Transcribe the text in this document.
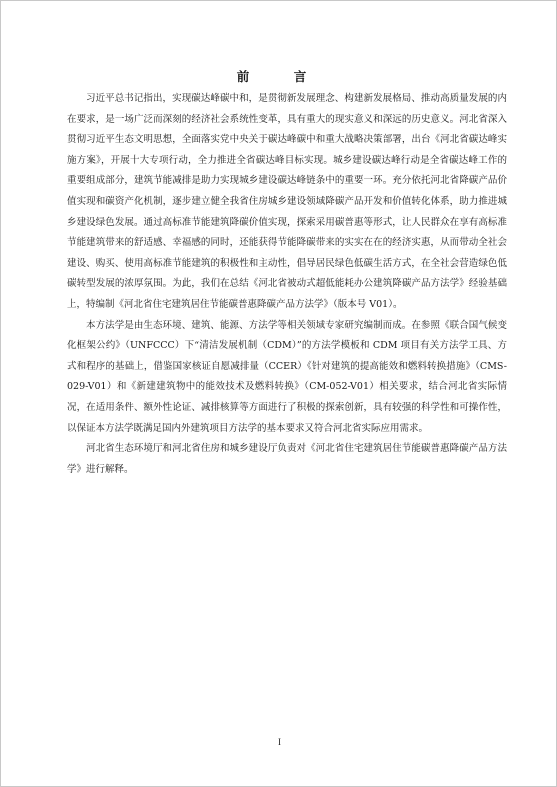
前　言

习近平总书记指出，实现碳达峰碳中和，是贯彻新发展理念、构建新发展格局、推动高质量发展的内在要求，是一场广泛而深刻的经济社会系统性变革，具有重大的现实意义和深远的历史意义。河北省深入贯彻习近平生态文明思想，全面落实党中央关于碳达峰碳中和重大战略决策部署，出台《河北省碳达峰实施方案》，开展十大专项行动，全力推进全省碳达峰目标实现。城乡建设碳达峰行动是全省碳达峰工作的重要组成部分，建筑节能减排是助力实现城乡建设碳达峰链条中的重要一环。充分依托河北省降碳产品价值实现和碳资产化机制，逐步建立健全我省住房城乡建设领域降碳产品开发和价值转化体系，助力推进城乡建设绿色发展。通过高标准节能建筑降碳价值实现，探索采用碳普惠等形式，让人民群众在享有高标准节能建筑带来的舒适感、幸福感的同时，还能获得节能降碳带来的实实在在的经济实惠，从而带动全社会建设、购买、使用高标准节能建筑的积极性和主动性，倡导居民绿色低碳生活方式，在全社会营造绿色低碳转型发展的浓厚氛围。为此，我们在总结《河北省被动式超低能耗办公建筑降碳产品方法学》经验基础上，特编制《河北省住宅建筑居住节能碳普惠降碳产品方法学》（版本号 V01）。

本方法学是由生态环境、建筑、能源、方法学等相关领域专家研究编制而成。在参照《联合国气候变化框架公约》（UNFCCC）下“清洁发展机制（CDM）”的方法学模板和 CDM 项目有关方法学工具、方式和程序的基础上，借鉴国家核证自愿减排量（CCER）《针对建筑的提高能效和燃料转换措施》（CMS-029-V01）和《新建建筑物中的能效技术及燃料转换》（CM-052-V01）相关要求，结合河北省实际情况，在适用条件、额外性论证、减排核算等方面进行了积极的探索创新，具有较强的科学性和可操作性，以保证本方法学既满足国内外建筑项目方法学的基本要求又符合河北省实际应用需求。

河北省生态环境厅和河北省住房和城乡建设厅负责对《河北省住宅建筑居住节能碳普惠降碳产品方法学》进行解释。

I
